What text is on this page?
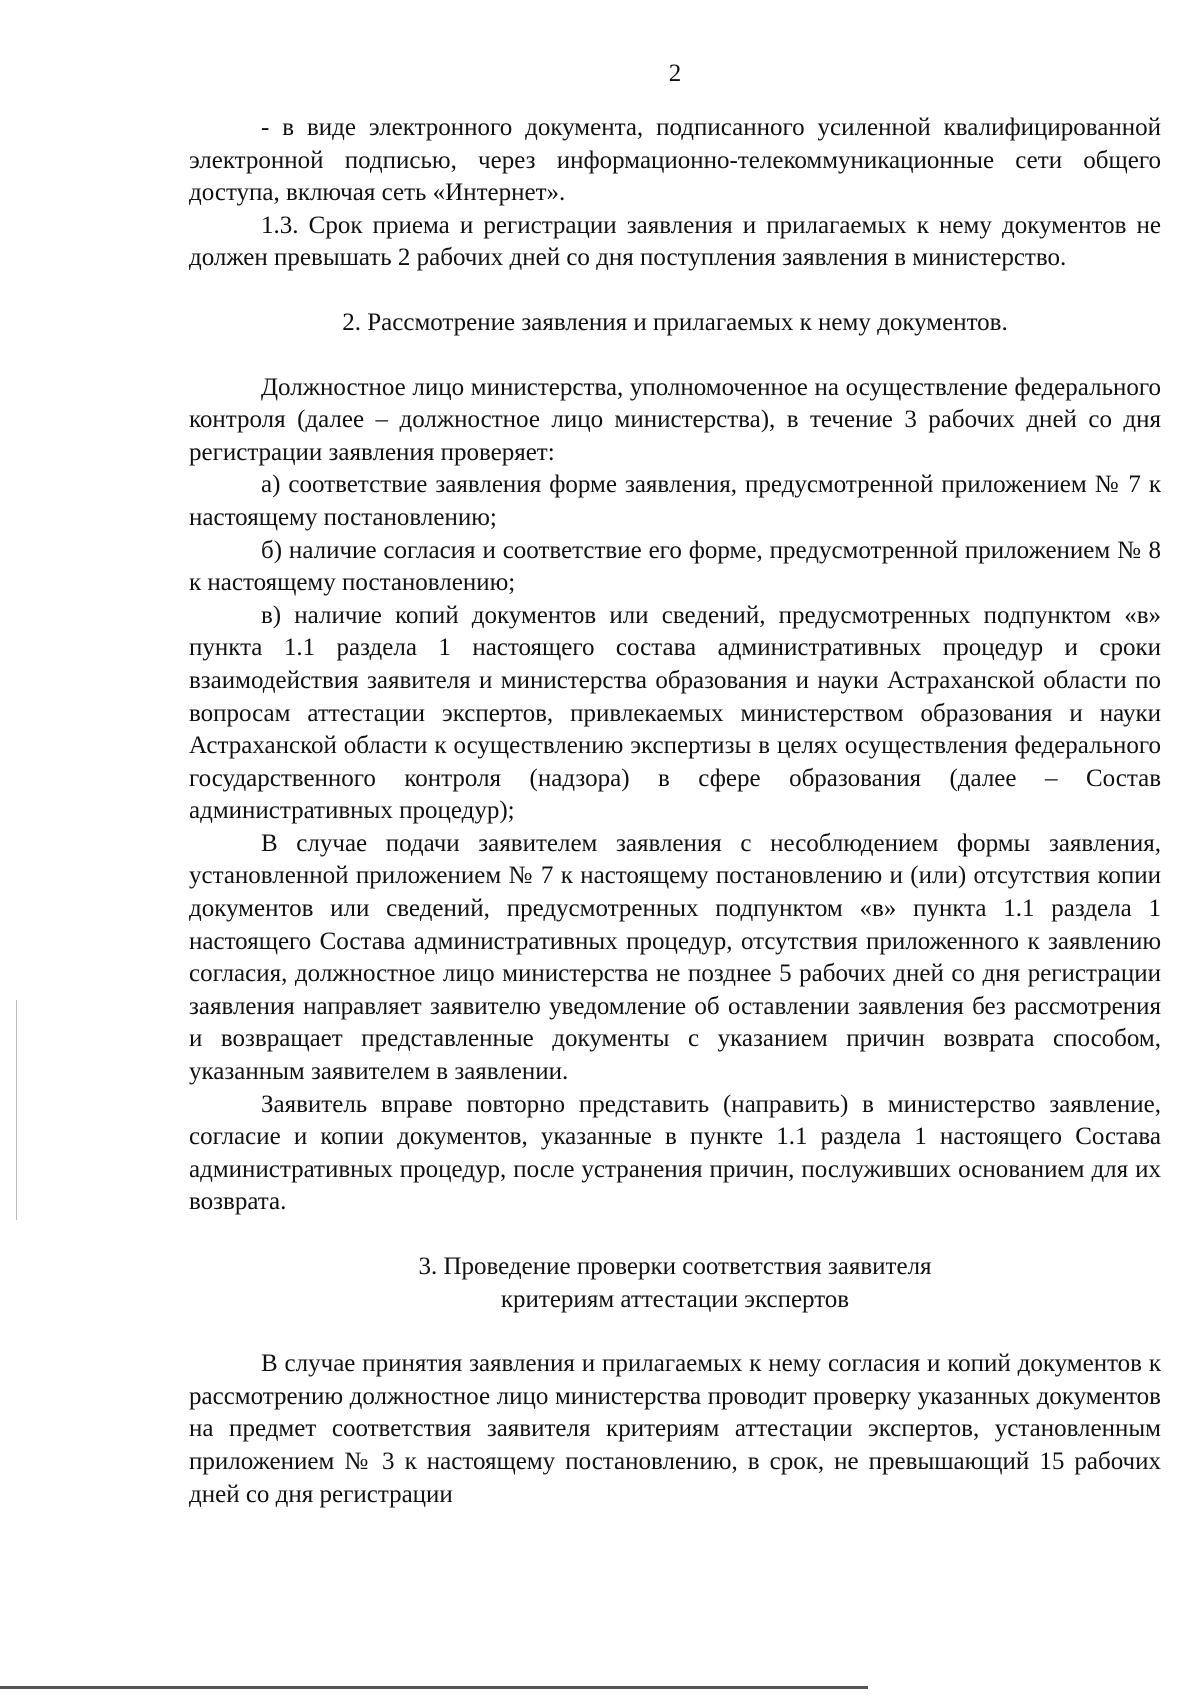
2

- в виде электронного документа, подписанного усиленной квалифицированной электронной подписью, через информационно-телекоммуникационные сети общего доступа, включая сеть «Интернет».

1.3. Срок приема и регистрации заявления и прилагаемых к нему документов не должен превышать 2 рабочих дней со дня поступления заявления в министерство.

2. Рассмотрение заявления и прилагаемых к нему документов.

Должностное лицо министерства, уполномоченное на осуществление федерального контроля (далее – должностное лицо министерства), в течение 3 рабочих дней со дня регистрации заявления проверяет:

а) соответствие заявления форме заявления, предусмотренной приложением № 7 к настоящему постановлению;

б) наличие согласия и соответствие его форме, предусмотренной приложением № 8 к настоящему постановлению;

в) наличие копий документов или сведений, предусмотренных подпунктом «в» пункта 1.1 раздела 1 настоящего состава административных процедур и сроки взаимодействия заявителя и министерства образования и науки Астраханской области по вопросам аттестации экспертов, привлекаемых министерством образования и науки Астраханской области к осуществлению экспертизы в целях осуществления федерального государственного контроля (надзора) в сфере образования (далее – Состав административных процедур);

В случае подачи заявителем заявления с несоблюдением формы заявления, установленной приложением № 7 к настоящему постановлению и (или) отсутствия копии документов или сведений, предусмотренных подпунктом «в» пункта 1.1 раздела 1 настоящего Состава административных процедур, отсутствия приложенного к заявлению согласия, должностное лицо министерства не позднее 5 рабочих дней со дня регистрации заявления направляет заявителю уведомление об оставлении заявления без рассмотрения и возвращает представленные документы с указанием причин возврата способом, указанным заявителем в заявлении.

Заявитель вправе повторно представить (направить) в министерство заявление, согласие и копии документов, указанные в пункте 1.1 раздела 1 настоящего Состава административных процедур, после устранения причин, послуживших основанием для их возврата.

3. Проведение проверки соответствия заявителя
критериям аттестации экспертов

В случае принятия заявления и прилагаемых к нему согласия и копий документов к рассмотрению должностное лицо министерства проводит проверку указанных документов на предмет соответствия заявителя критериям аттестации экспертов, установленным приложением № 3 к настоящему постановлению, в срок, не превышающий 15 рабочих дней со дня регистрации
